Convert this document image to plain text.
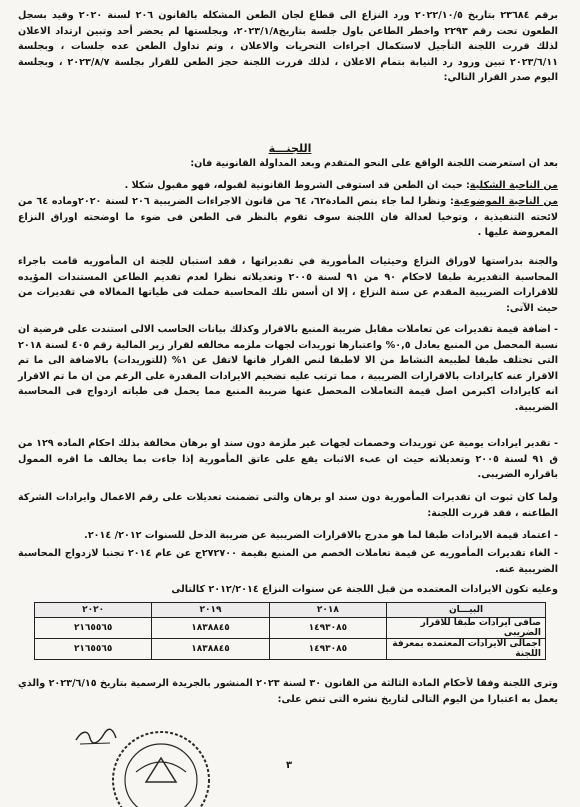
برقم ٢٣٦٨٤ بتاريخ ٢٠٢٢/١٠/٥ ورد النزاع الى قطاع لجان الطعن المشكله بالقانون ٢٠٦ لسنة ٢٠٢٠ وقيد بسجل الطعون تحت رقم ٢٢٩٣ واخطر الطاعن باول جلسة بتاريخ٢٠٢٣/١/٨، وبجلستها لم يحضر أحد وتبين ارتداد الاعلان لذلك قررت اللجنة التأجيل لاستكمال اجراءات التحريات والاعلان ، وتم تداول الطعن عده جلسات ، وبجلسة ٢٠٢٣/٦/١١ تبين ورود رد النيابة بتمام الاعلان ، لذلك قررت اللجنة حجز الطعن للقرار بجلسة ٢٠٢٣/٨/٧ ، وبجلسة اليوم صدر القرار التالي:

اللجنـــة

بعد ان استعرضت اللجنة الواقع على النحو المتقدم وبعد المداولة القانونية فان:

من الناحية الشكلية: حيث ان الطعن قد استوفى الشروط القانونية لقبوله، فهو مقبول شكلا .

من الناحية الموضوعية: ونظرا لما جاء بنص المادة٦٢، ٦٤ من قانون الاجراءات الضريبية ٢٠٦ لسنة ٢٠٢٠وماده ٦٤ من لائحته التنفيذية ، وتوخيا لعدالة فان اللجنة سوف تقوم بالنظر فى الطعن فى ضوء ما اوضحته اوراق النزاع المعروضة عليها .

والجنة بدراستها لاوراق النزاع وحيثيات المأمورية في تقديراتها ، فقد استبان للجنة ان المأموريه قامت باجراء المحاسبة التقديرية طبقا لاحكام ٩٠ من ٩١ لسنة ٢٠٠٥ وتعديلاته نظرا لعدم تقديم الطاعن المستندات المؤيده للاقرارات الضريبية المقدم عن سنة النزاع ، إلا ان أسس تلك المحاسبة حملت فى طياتها المغالاه في تقديرات من حيث الآتى:

- اضافة قيمة تقديرات عن تعاملات مقابل ضريبة المنبع بالاقرار وكذلك بيانات الحاسب الالى استندت على فرضية ان نسبة المحصل من المنبع يعادل ٠,٥% واعتبارها توريدات لجهات ملزمه مخالفه لقرار زير المالية رقم ٤٠٥ لسنة ٢٠١٨ التى تختلف طبقا لطبيعة النشاط من الا لاطبقا لنص القرار فانها لاتقل عن ١% (للتوريدات) بالاضافة الى ما تم الاقرار عنه كايرادات بالاقرارات الضريبية ، مما ترتب عليه تضخيم الايرادات المقدرة على الرغم من ان ما تم الاقرار انه كايرادات اكبرمن اصل قيمة التعاملات المحصل عنها ضريبة المنبع مما يحمل فى طياته ازدواج فى المحاسبة الضريبية.

- تقدير ايرادات يومية عن توريدات وخصمات لجهات غير ملزمة دون سند او برهان مخالفة بذلك احكام الماده ١٢٩ من ق ٩١ لسنة ٢٠٠٥ وتعديلاته حيث ان عبء الاثبات يقع على عاتق المأمورية إذا جاءت بما يخالف ما اقره الممول باقراره الضريبى.

ولما كان ثبوت ان تقديرات المأمورية دون سند او برهان والتى تضمنت تعديلات على رقم الاعمال وايرادات الشركة الطاعنه ، فقد قررت اللجنة:

- اعتماد قيمة الايرادات طبقا لما هو مدرج بالاقرارات الضريبية عن ضريبة الدخل للسنوات ٢٠١٢/ ٢٠١٤.

- الغاء تقديرات المأموريه عن قيمة تعاملات الخصم من المنبع بقيمة ٢٧٢٧٠٠ج عن عام ٢٠١٤ تجنبا لازدواج المحاسبة الضريبية عنه.

وعليه تكون الايرادات المعتمده من قبل اللجنة عن سنوات النزاع ٢٠١٢/٢٠١٤ كالتالى

البيـــان	٢٠١٨	٢٠١٩	٢٠٢٠
صافى ايرادات طبقا للاقرار الضريبى	١٤٩٣٠٨٥	١٨٣٨٨٤٥	٢١٦٥٥٦٥
اجمالى الايرادات المعتمده بمعرفة اللجنة	١٤٩٣٠٨٥	١٨٣٨٨٤٥	٢١٦٥٥٦٥

وترى اللجنة وفقا لأحكام المادة الثالثة من القانون ٣٠ لسنة ٢٠٢٣ المنشور بالجريدة الرسمية بتاريخ ٢٠٢٣/٦/١٥ والذي يعمل به اعتبارا من اليوم التالى لتاريخ نشره التى تنص على:

٣
